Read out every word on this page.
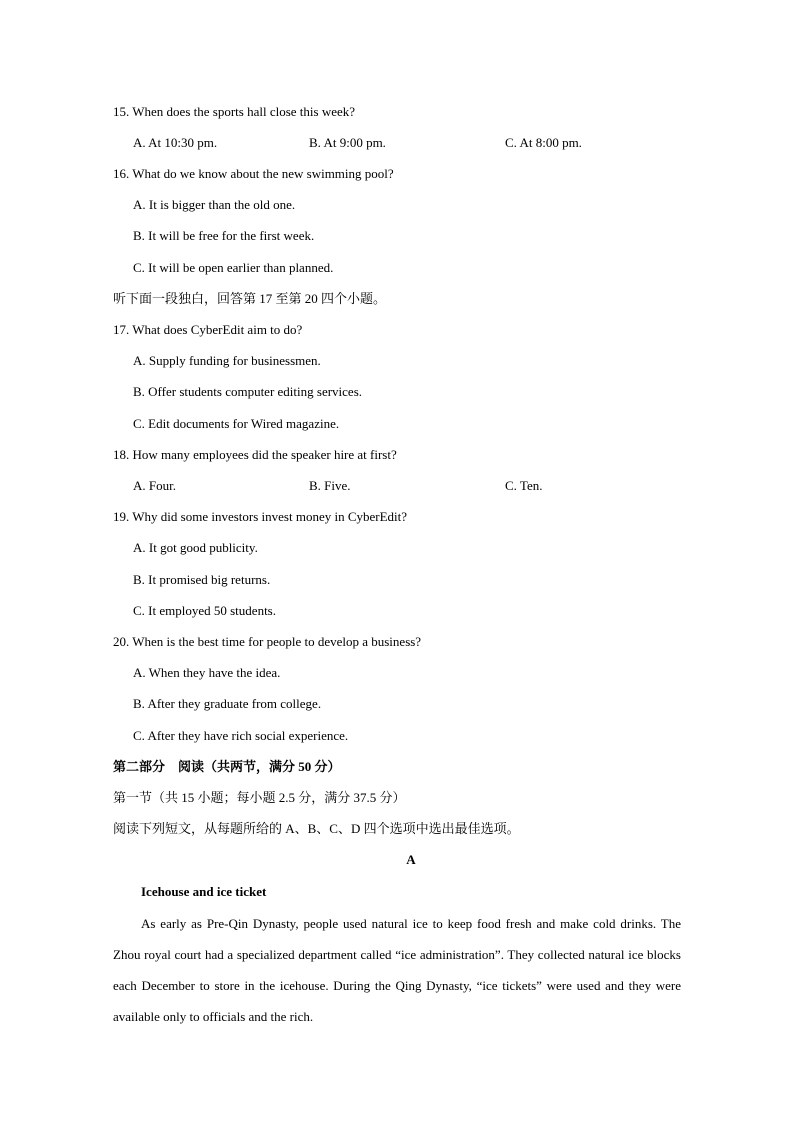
15. When does the sports hall close this week?
A. At 10:30 pm.	B. At 9:00 pm.	C. At 8:00 pm.
16. What do we know about the new swimming pool?
A. It is bigger than the old one.
B. It will be free for the first week.
C. It will be open earlier than planned.
听下面一段独白，回答第 17 至第 20 四个小题。
17. What does CyberEdit aim to do?
A. Supply funding for businessmen.
B. Offer students computer editing services.
C. Edit documents for Wired magazine.
18. How many employees did the speaker hire at first?
A. Four.	B. Five.	C. Ten.
19. Why did some investors invest money in CyberEdit?
A. It got good publicity.
B. It promised big returns.
C. It employed 50 students.
20. When is the best time for people to develop a business?
A. When they have the idea.
B. After they graduate from college.
C. After they have rich social experience.
第二部分　阅读（共两节，满分 50 分）
第一节（共 15 小题；每小题 2.5 分，满分 37.5 分）
阅读下列短文，从每题所给的 A、B、C、D 四个选项中选出最佳选项。
A
Icehouse and ice ticket
As early as Pre-Qin Dynasty, people used natural ice to keep food fresh and make cold drinks. The Zhou royal court had a specialized department called “ice administration”. They collected natural ice blocks each December to store in the icehouse. During the Qing Dynasty, “ice tickets” were used and they were available only to officials and the rich.
